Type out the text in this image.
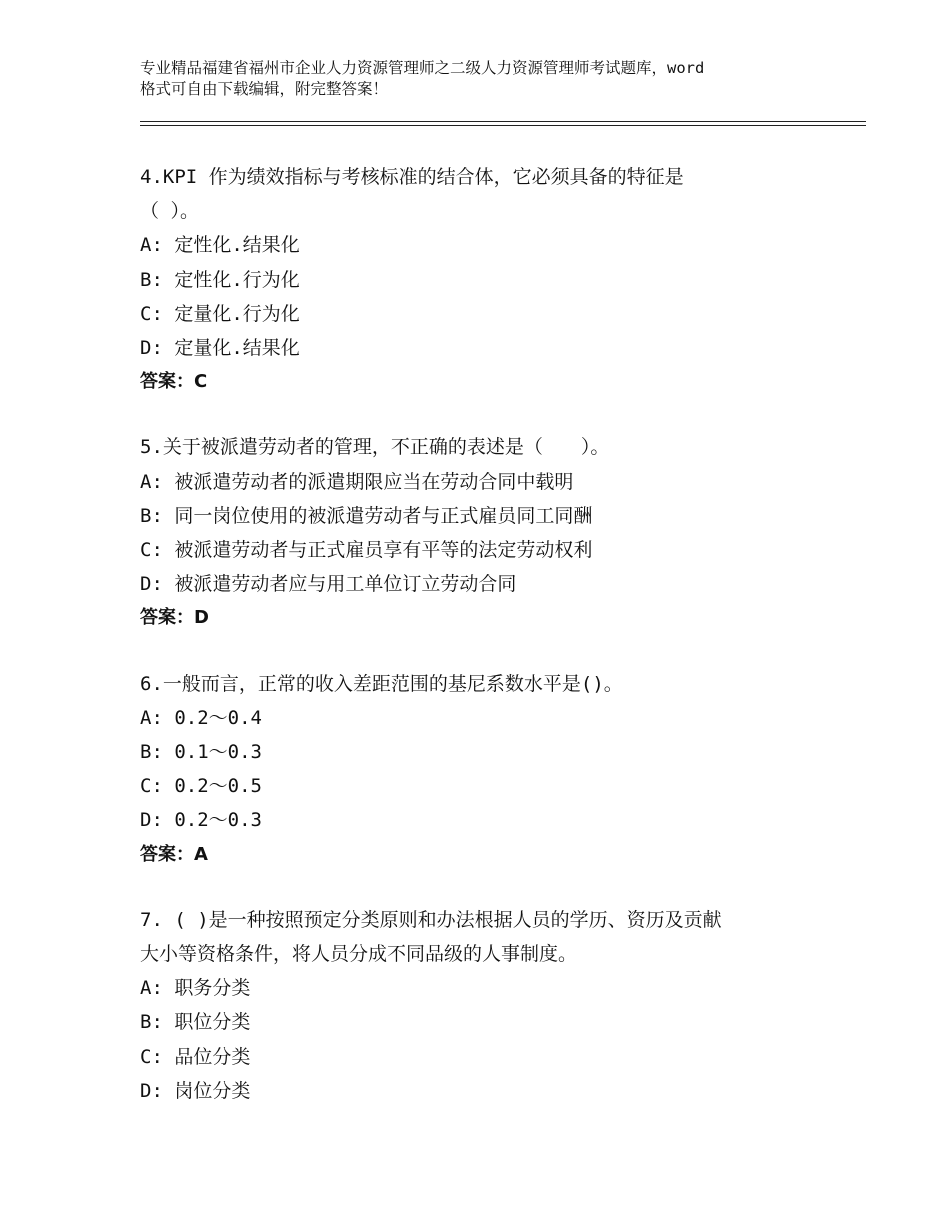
专业精品福建省福州市企业人力资源管理师之二级人力资源管理师考试题库，word
格式可自由下载编辑，附完整答案！
4.KPI 作为绩效指标与考核标准的结合体，它必须具备的特征是
（ ）。
A: 定性化.结果化
B: 定性化.行为化
C: 定量化.行为化
D: 定量化.结果化
答案：C
5.关于被派遣劳动者的管理，不正确的表述是（　　）。
A: 被派遣劳动者的派遣期限应当在劳动合同中载明
B: 同一岗位使用的被派遣劳动者与正式雇员同工同酬
C: 被派遣劳动者与正式雇员享有平等的法定劳动权利
D: 被派遣劳动者应与用工单位订立劳动合同
答案：D
6.一般而言，正常的收入差距范围的基尼系数水平是()。
A: 0.2～0.4
B: 0.1～0.3
C: 0.2～0.5
D: 0.2～0.3
答案：A
7. ( )是一种按照预定分类原则和办法根据人员的学历、资历及贡献
大小等资格条件，将人员分成不同品级的人事制度。
A: 职务分类
B: 职位分类
C: 品位分类
D: 岗位分类
